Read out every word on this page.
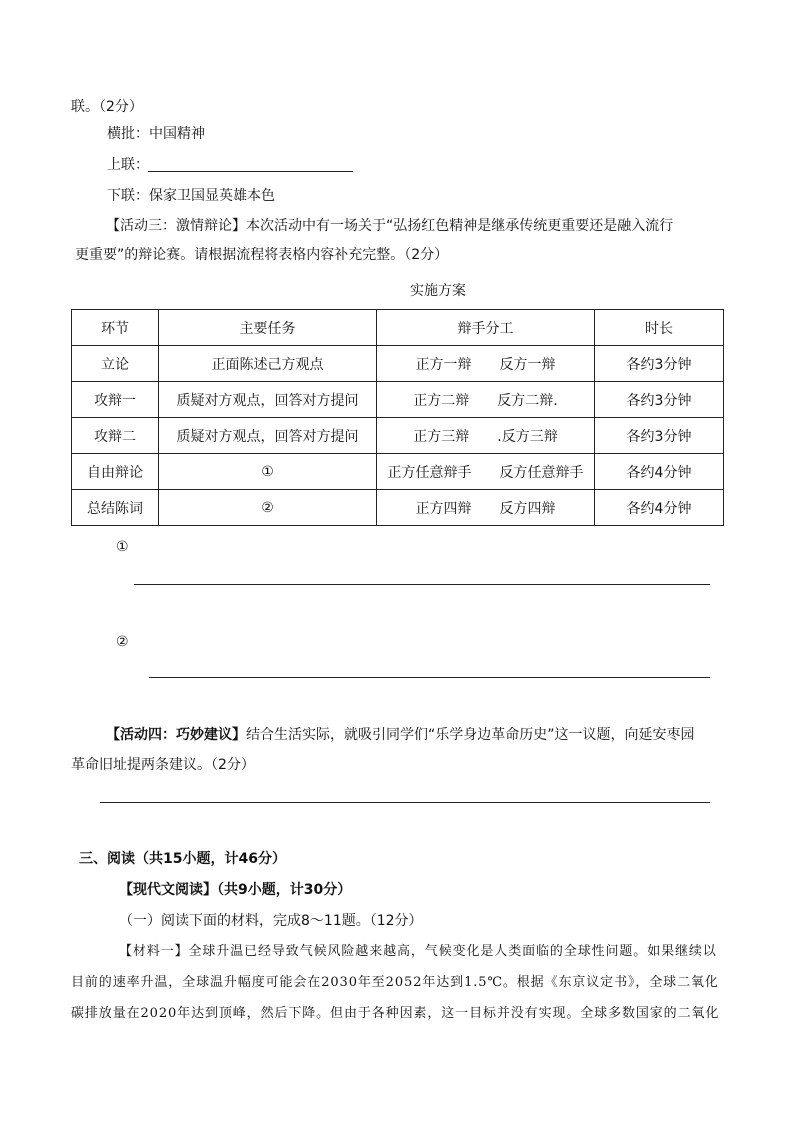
联。（2分）
横批：中国精神
上联：
下联：保家卫国显英雄本色
【活动三：激情辩论】本次活动中有一场关于“弘扬红色精神是继承传统更重要还是融入流行
更重要”的辩论赛。请根据流程将表格内容补充完整。（2分）
实施方案
环节	主要任务	辩手分工	时长
立论	正面陈述己方观点	正方一辩 反方一辩	各约3分钟
攻辩一	质疑对方观点，回答对方提问	正方二辩 反方二辩.	各约3分钟
攻辩二	质疑对方观点，回答对方提问	正方三辩 .反方三辩	各约3分钟
自由辩论	①	正方任意辩手 反方任意辩手	各约4分钟
总结陈词	②	正方四辩 反方四辩	各约4分钟
①
②
【活动四：巧妙建议】结合生活实际，就吸引同学们“乐学身边革命历史”这一议题，向延安枣园
革命旧址提两条建议。（2分）
三、阅读（共15小题，计46分）
【现代文阅读】（共9小题，计30分）
（一）阅读下面的材料，完成8～11题。（12分）
【材料一】全球升温已经导致气候风险越来越高，气候变化是人类面临的全球性问题。如果继续以
目前的速率升温，全球温升幅度可能会在2030年至2052年达到1.5℃。根据《东京议定书》，全球二氧化
碳排放量在2020年达到顶峰，然后下降。但由于各种因素，这一目标并没有实现。全球多数国家的二氧化
